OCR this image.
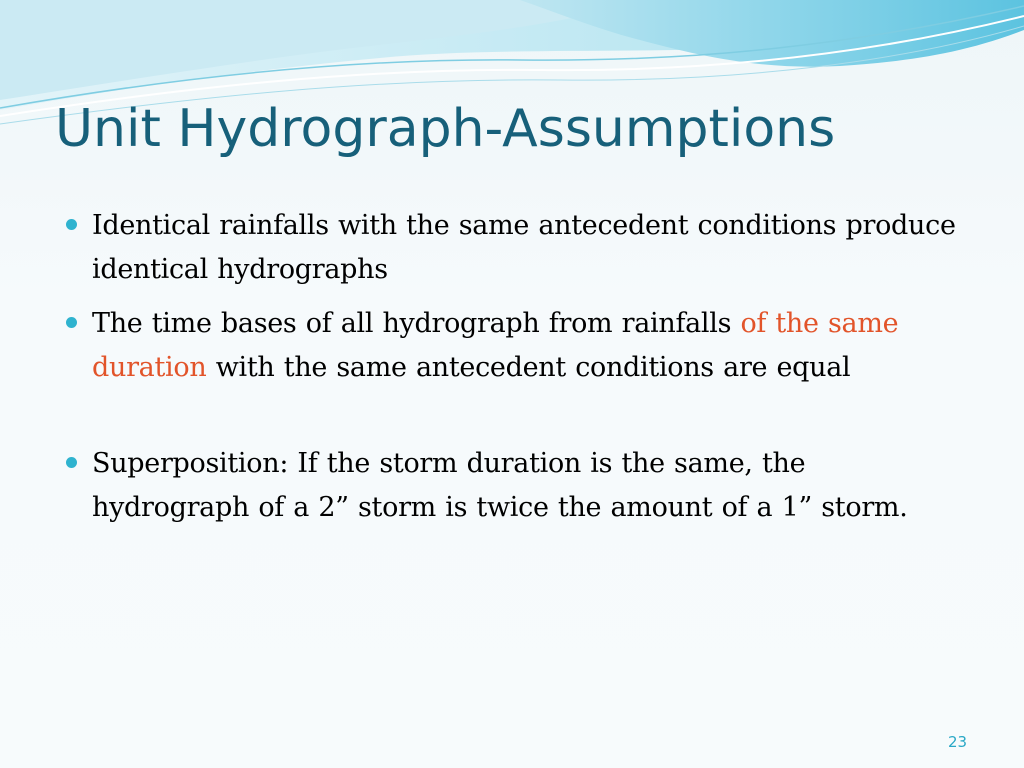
Unit Hydrograph-Assumptions
Identical rainfalls with the same antecedent conditions produce identical hydrographs
The time bases of all hydrograph from rainfalls of the same duration with the same antecedent conditions are equal
Superposition: If the storm duration is the same, the hydrograph of a 2” storm is twice the amount of a 1” storm.
23
